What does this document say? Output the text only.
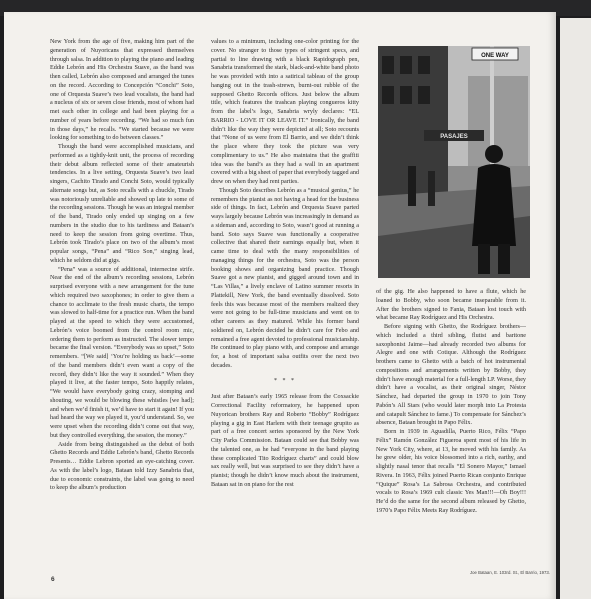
New York from the age of five, making him part of the generation of Nuyoricans that expressed themselves through salsa. In addition to playing the piano and leading Eddie Lebrón and His Orchestra Suave, as the band was then called, Lebrón also composed and arranged the tunes on the record. According to Concepción “Conchi” Soto, one of Orquesta Suave’s two lead vocalists, the band had a nucleus of six or seven close friends, most of whom had met each other in college and had been playing for a number of years before recording. “We had so much fun in those days,” he recalls. “We started because we were looking for something to do between classes.”

Though the band were accomplished musicians, and performed as a tightly-knit unit, the process of recording their debut album reflected some of their amateurish tendencies. In a live setting, Orquesta Suave’s two lead singers, Cachito Tirado and Conchi Soto, would typically alternate songs but, as Soto recalls with a chuckle, Tirado was notoriously unreliable and showed up late to some of the recording sessions. Though he was an integral member of the band, Tirado only ended up singing on a few numbers in the studio due to his tardiness and Bataan’s need to keep the session from going overtime. Thus, Lebrón took Tirado’s place on two of the album’s most popular songs, “Pena” and “Rico Son,” singing lead, which he seldom did at gigs.

“Pena” was a source of additional, internecine strife. Near the end of the album’s recording sessions, Lebrón surprised everyone with a new arrangement for the tune which required two saxophones; in order to give them a chance to acclimate to the fresh music charts, the tempo was slowed to half-time for a practice run. When the band played at the speed to which they were accustomed, Lebrón’s voice boomed from the control room mic, ordering them to perform as instructed. The slower tempo became the final version. “Everybody was so upset,” Soto remembers. “[We said] ‘You’re holding us back’—some of the band members didn’t even want a copy of the record, they didn’t like the way it sounded.” When they played it live, at the faster tempo, Soto happily relates, “We would have everybody going crazy, stomping and shouting, we would be blowing these whistles [we had]; and when we’d finish it, we’d have to start it again! If you had heard the way we played it, you’d understand. So, we were upset when the recording didn’t come out that way, but they controlled everything, the session, the money.”

Aside from being distinguished as the debut of both Ghetto Records and Eddie Lebrón’s band, Ghetto Records Presents… Eddie Lebron sported an eye-catching cover. As with the label’s logo, Bataan told Izzy Sanabria that, due to economic constraints, the label was going to need to keep the album’s production

values to a minimum, including one-color printing for the cover. No stranger to those types of stringent specs, and partial to line drawing with a black Rapidograph pen, Sanabria transformed the stark, black-and-white band photo he was provided with into a satirical tableau of the group hanging out in the trash-strewn, burnt-out rubble of the supposed Ghetto Records offices. Just below the album title, which features the trashcan playing congueros kitty from the label’s logo, Sanabria wryly declares: “EL BARRIO - LOVE IT OR LEAVE IT.” Ironically, the band didn’t like the way they were depicted at all; Soto recounts that “None of us were from El Barrio, and we didn’t think the place where they took the picture was very complimentary to us.” He also maintains that the graffiti idea was the band’s as they had a wall in an apartment covered with a big sheet of paper that everybody tagged and drew on when they had rent parties.

Though Soto describes Lebrón as a “musical genius,” he remembers the pianist as not having a head for the business side of things. In fact, Lebrón and Orquesta Suave parted ways largely because Lebrón was increasingly in demand as a sideman and, according to Soto, wasn’t good at running a band. Soto says Suave was functionally a cooperative collective that shared their earnings equally but, when it came time to deal with the many responsibilities of managing things for the orchestra, Soto was the person booking shows and organizing band practice. Though Suave got a new pianist, and gigged around town and in “Las Villas,” a lively enclave of Latino summer resorts in Plattekill, New York, the band eventually dissolved. Soto feels this was because most of the members realized they were not going to be full-time musicians and went on to other careers as they matured. While his former band soldiered on, Lebrón decided he didn’t care for Febo and remained a free agent devoted to professional musicianship. He continued to play piano with, and compose and arrange for, a host of important salsa outfits over the next two decades.

* * *

Just after Bataan’s early 1965 release from the Coxsackie Correctional Facility reformatory, he happened upon Nuyorican brothers Ray and Roberto “Bobby” Rodríguez playing a gig in East Harlem with their teenage grupito as part of a free concert series sponsored by the New York City Parks Commission. Bataan could see that Bobby was the talented one, as he had “everyone in the band playing these complicated Tito Rodríguez charts” and could blow sax really well, but was surprised to see they didn’t have a pianist; though he didn’t know much about the instrument, Bataan sat in on piano for the rest

ONE WAY
PASAJES

of the gig. He also happened to have a flute, which he loaned to Bobby, who soon became inseparable from it. After the brothers signed to Fania, Bataan lost touch with what became Ray Rodríguez and His Orchestra.

Before signing with Ghetto, the Rodríguez brothers—which included a third sibling, flutist and baritone saxophonist Jaime—had already recorded two albums for Alegre and one with Cotique. Although the Rodríguez brothers came to Ghetto with a batch of hot instrumental compositions and arrangements written by Bobby, they didn’t have enough material for a full-length LP. Worse, they didn’t have a vocalist, as their original singer, Néstor Sánchez, had departed the group in 1970 to join Tony Pabón’s All Stars (who would later morph into La Protesta and catapult Sánchez to fame.) To compensate for Sánchez’s absence, Bataan brought in Papo Félix.

Born in 1939 in Aguadilla, Puerto Rico, Félix “Papo Félix” Ramón González Figueroa spent most of his life in New York City, where, at 13, he moved with his family. As he grew older, his voice blossomed into a rich, earthy, and slightly nasal tenor that recalls “El Sonero Mayor,” Ismael Rivera. In 1963, Félix joined Puerto Rican conjunto Enrique “Quique” Rosa’s La Sabrosa Orchestra, and contributed vocals to Rosa’s 1969 cult classic Yes Man!!!—Oh Boy!!! He’d do the same for the second album released by Ghetto, 1970’s Papo Félix Meets Ray Rodríguez.

Joe Bataan, E. 103rd. St., El Barrio, 1973.
6
